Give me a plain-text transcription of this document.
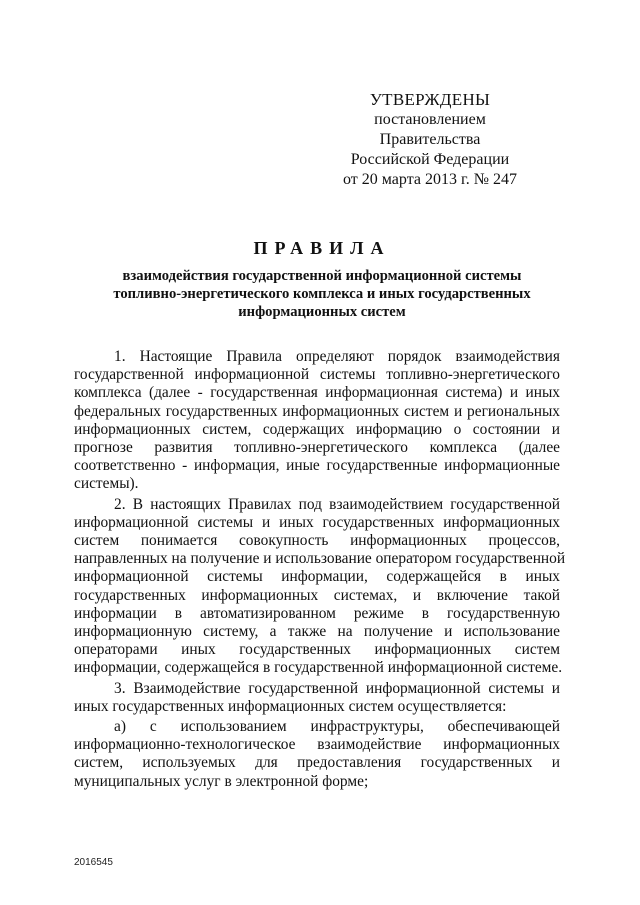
УТВЕРЖДЕНЫ
постановлением Правительства
Российской Федерации
от 20 марта 2013 г. № 247
ПРАВИЛА
взаимодействия государственной информационной системы
топливно-энергетического комплекса и иных государственных
информационных систем
1. Настоящие Правила определяют порядок взаимодействия
государственной информационной системы топливно-энергетического
комплекса (далее - государственная информационная система) и иных
федеральных государственных информационных систем и региональных
информационных систем, содержащих информацию о состоянии и
прогнозе развития топливно-энергетического комплекса (далее
соответственно - информация, иные государственные информационные
системы).
2. В настоящих Правилах под взаимодействием государственной
информационной системы и иных государственных информационных
систем понимается совокупность информационных процессов,
направленных на получение и использование оператором государственной
информационной системы информации, содержащейся в иных
государственных информационных системах, и включение такой
информации в автоматизированном режиме в государственную
информационную систему, а также на получение и использование
операторами иных государственных информационных систем
информации, содержащейся в государственной информационной системе.
3. Взаимодействие государственной информационной системы и
иных государственных информационных систем осуществляется:
а) с использованием инфраструктуры, обеспечивающей
информационно-технологическое взаимодействие информационных
систем, используемых для предоставления государственных и
муниципальных услуг в электронной форме;
2016545
